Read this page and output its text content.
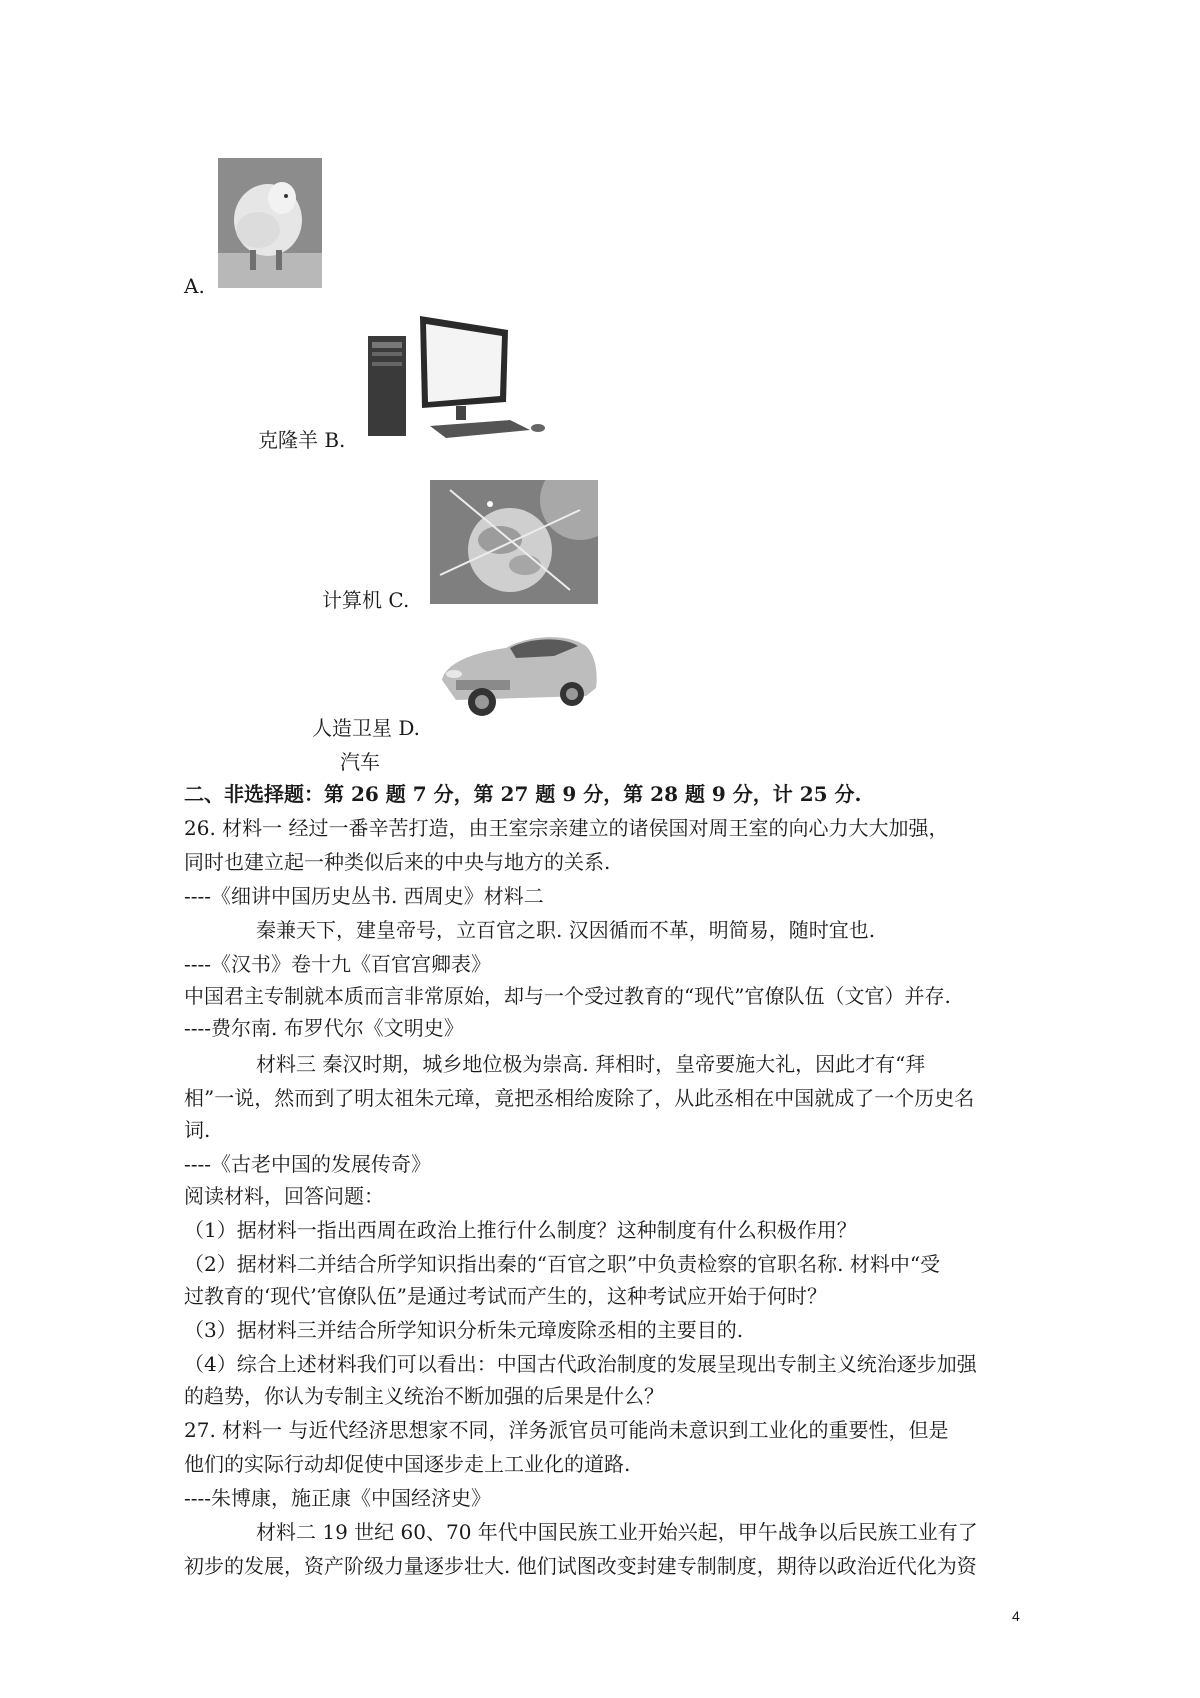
A.
克隆羊 B.
计算机 C.
人造卫星 D.
汽车
二、非选择题：第 26 题 7 分，第 27 题 9 分，第 28 题 9 分，计 25 分.
26. 材料一 经过一番辛苦打造，由王室宗亲建立的诸侯国对周王室的向心力大大加强，
同时也建立起一种类似后来的中央与地方的关系.
----《细讲中国历史丛书. 西周史》材料二
秦兼天下，建皇帝号，立百官之职. 汉因循而不革，明简易，随时宜也.
----《汉书》卷十九《百官宫卿表》
中国君主专制就本质而言非常原始，却与一个受过教育的“现代”官僚队伍（文官）并存.
----费尔南. 布罗代尔《文明史》
材料三 秦汉时期，城乡地位极为崇高. 拜相时，皇帝要施大礼，因此才有“拜
相”一说，然而到了明太祖朱元璋，竟把丞相给废除了，从此丞相在中国就成了一个历史名
词.
----《古老中国的发展传奇》
阅读材料，回答问题：
（1）据材料一指出西周在政治上推行什么制度？这种制度有什么积极作用？
（2）据材料二并结合所学知识指出秦的“百官之职”中负责检察的官职名称. 材料中“受
过教育的‘现代’官僚队伍”是通过考试而产生的，这种考试应开始于何时？
（3）据材料三并结合所学知识分析朱元璋废除丞相的主要目的.
（4）综合上述材料我们可以看出：中国古代政治制度的发展呈现出专制主义统治逐步加强
的趋势，你认为专制主义统治不断加强的后果是什么？
27. 材料一 与近代经济思想家不同，洋务派官员可能尚未意识到工业化的重要性，但是
他们的实际行动却促使中国逐步走上工业化的道路.
----朱博康，施正康《中国经济史》
材料二 19 世纪 60、70 年代中国民族工业开始兴起，甲午战争以后民族工业有了
初步的发展，资产阶级力量逐步壮大. 他们试图改变封建专制制度，期待以政治近代化为资
4
